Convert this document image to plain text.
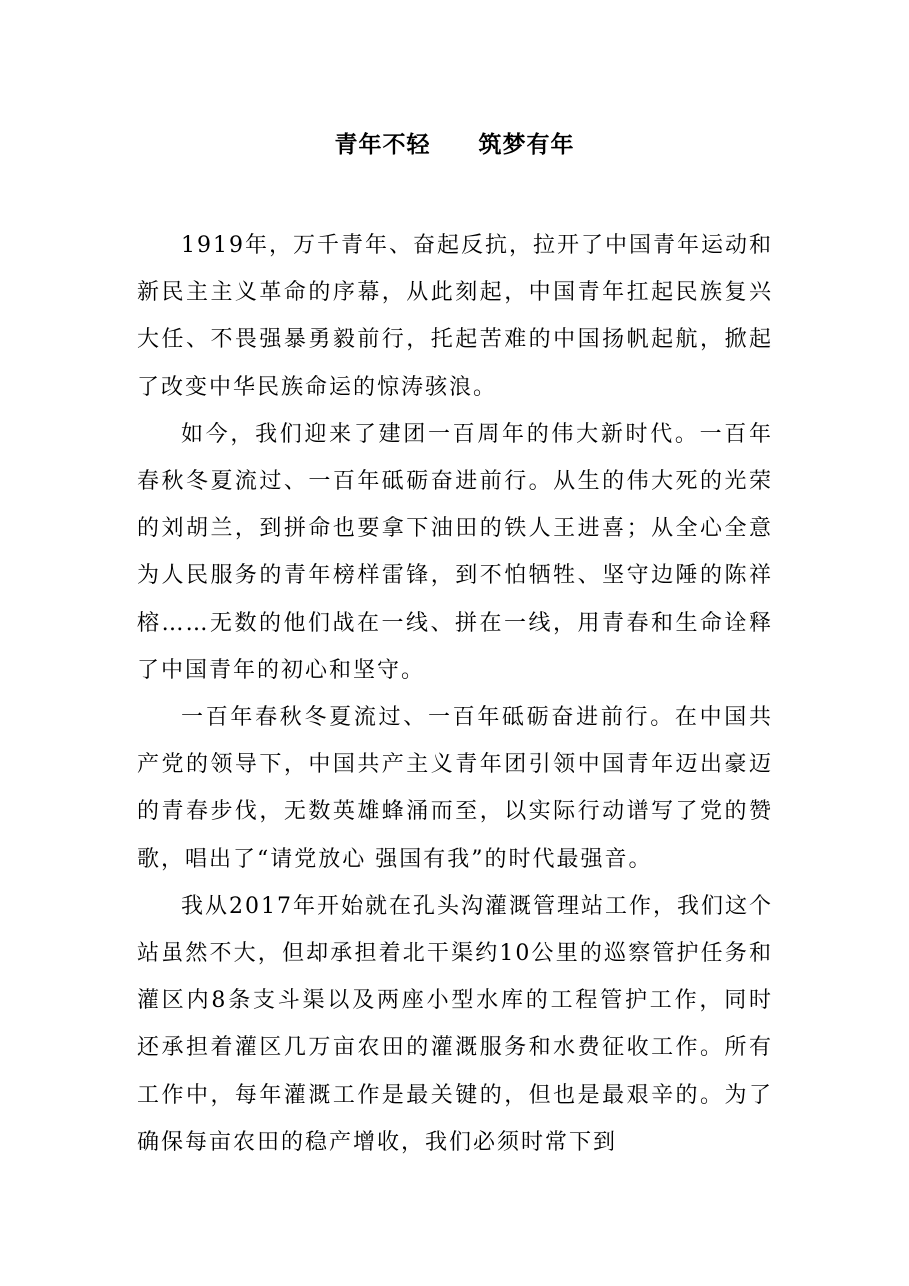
青年不轻　　筑梦有年

1919年，万千青年、奋起反抗，拉开了中国青年运动和新民主主义革命的序幕，从此刻起，中国青年扛起民族复兴大任、不畏强暴勇毅前行，托起苦难的中国扬帆起航，掀起了改变中华民族命运的惊涛骇浪。

如今，我们迎来了建团一百周年的伟大新时代。一百年春秋冬夏流过、一百年砥砺奋进前行。从生的伟大死的光荣的刘胡兰，到拼命也要拿下油田的铁人王进喜；从全心全意为人民服务的青年榜样雷锋，到不怕牺牲、坚守边陲的陈祥榕……无数的他们战在一线、拼在一线，用青春和生命诠释了中国青年的初心和坚守。

一百年春秋冬夏流过、一百年砥砺奋进前行。在中国共产党的领导下，中国共产主义青年团引领中国青年迈出豪迈的青春步伐，无数英雄蜂涌而至，以实际行动谱写了党的赞歌，唱出了“请党放心 强国有我”的时代最强音。

我从2017年开始就在孔头沟灌溉管理站工作，我们这个站虽然不大，但却承担着北干渠约10公里的巡察管护任务和灌区内8条支斗渠以及两座小型水库的工程管护工作，同时还承担着灌区几万亩农田的灌溉服务和水费征收工作。所有工作中，每年灌溉工作是最关键的，但也是最艰辛的。为了确保每亩农田的稳产增收，我们必须时常下到
